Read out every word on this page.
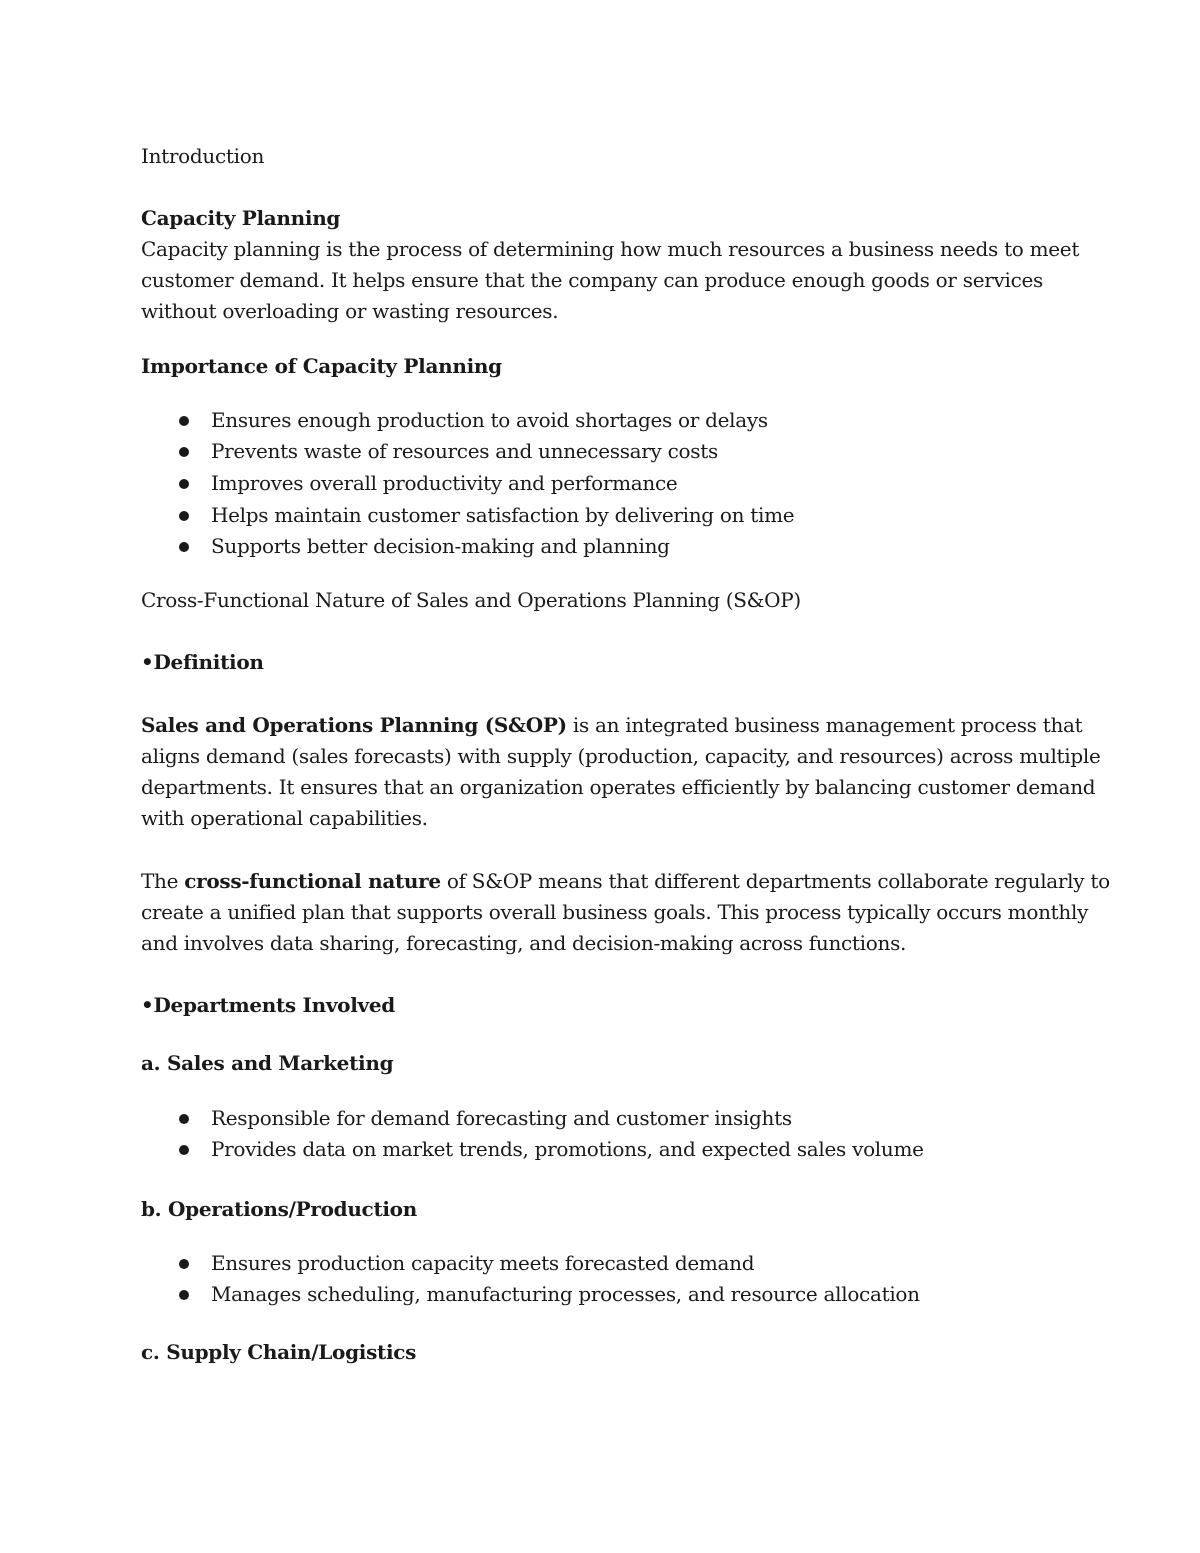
Introduction
Capacity Planning
Capacity planning is the process of determining how much resources a business needs to meet
customer demand. It helps ensure that the company can produce enough goods or services
without overloading or wasting resources.
Importance of Capacity Planning
Ensures enough production to avoid shortages or delays
Prevents waste of resources and unnecessary costs
Improves overall productivity and performance
Helps maintain customer satisfaction by delivering on time
Supports better decision-making and planning
Cross-Functional Nature of Sales and Operations Planning (S&OP)
•Definition
Sales and Operations Planning (S&OP) is an integrated business management process that
aligns demand (sales forecasts) with supply (production, capacity, and resources) across multiple
departments. It ensures that an organization operates efficiently by balancing customer demand
with operational capabilities.
The cross-functional nature of S&OP means that different departments collaborate regularly to
create a unified plan that supports overall business goals. This process typically occurs monthly
and involves data sharing, forecasting, and decision-making across functions.
•Departments Involved
a. Sales and Marketing
Responsible for demand forecasting and customer insights
Provides data on market trends, promotions, and expected sales volume
b. Operations/Production
Ensures production capacity meets forecasted demand
Manages scheduling, manufacturing processes, and resource allocation
c. Supply Chain/Logistics
